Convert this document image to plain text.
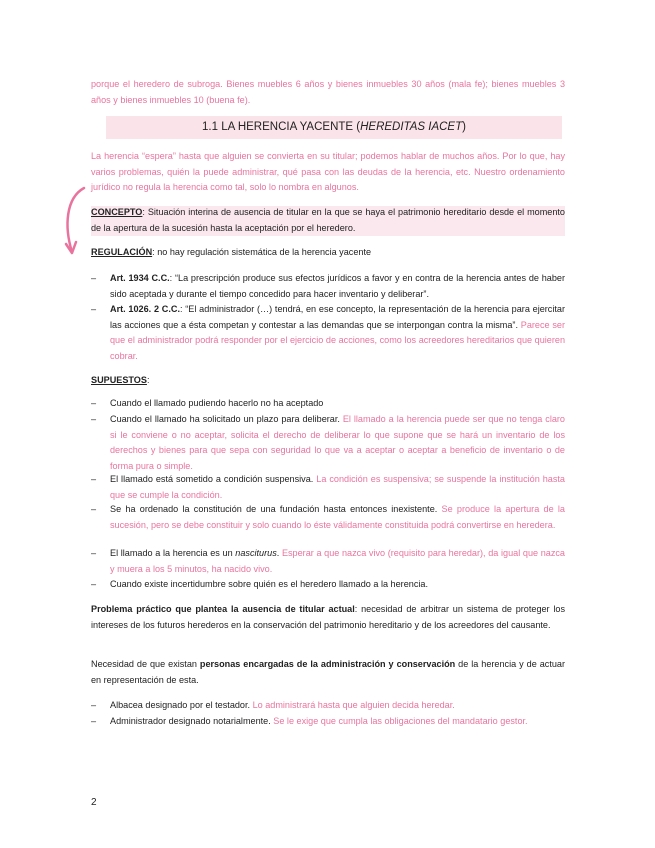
porque el heredero de subroga. Bienes muebles 6 años y bienes inmuebles 30 años (mala fe); bienes muebles 3 años y bienes inmuebles 10 (buena fe).
1.1 LA HERENCIA YACENTE (HEREDITAS IACET)
La herencia “espera” hasta que alguien se convierta en su titular; podemos hablar de muchos años. Por lo que, hay varios problemas, quién la puede administrar, qué pasa con las deudas de la herencia, etc. Nuestro ordenamiento jurídico no regula la herencia como tal, solo lo nombra en algunos.
CONCEPTO: Situación interina de ausencia de titular en la que se haya el patrimonio hereditario desde el momento de la apertura de la sucesión hasta la aceptación por el heredero.
REGULACIÓN: no hay regulación sistemática de la herencia yacente
– Art. 1934 C.C.: “La prescripción produce sus efectos jurídicos a favor y en contra de la herencia antes de haber sido aceptada y durante el tiempo concedido para hacer inventario y deliberar”.
– Art. 1026. 2 C.C.: “El administrador (…) tendrá, en ese concepto, la representación de la herencia para ejercitar las acciones que a ésta competan y contestar a las demandas que se interpongan contra la misma”. Parece ser que el administrador podrá responder por el ejercicio de acciones, como los acreedores hereditarios que quieren cobrar.
SUPUESTOS:
– Cuando el llamado pudiendo hacerlo no ha aceptado
– Cuando el llamado ha solicitado un plazo para deliberar. El llamado a la herencia puede ser que no tenga claro si le conviene o no aceptar, solicita el derecho de deliberar lo que supone que se hará un inventario de los derechos y bienes para que sepa con seguridad lo que va a aceptar o aceptar a beneficio de inventario o de forma pura o simple.
– El llamado está sometido a condición suspensiva. La condición es suspensiva; se suspende la institución hasta que se cumple la condición.
– Se ha ordenado la constitución de una fundación hasta entonces inexistente. Se produce la apertura de la sucesión, pero se debe constituir y solo cuando lo éste válidamente constituida podrá convertirse en heredera.
– El llamado a la herencia es un nasciturus. Esperar a que nazca vivo (requisito para heredar), da igual que nazca y muera a los 5 minutos, ha nacido vivo.
– Cuando existe incertidumbre sobre quién es el heredero llamado a la herencia.
Problema práctico que plantea la ausencia de titular actual: necesidad de arbitrar un sistema de proteger los intereses de los futuros herederos en la conservación del patrimonio hereditario y de los acreedores del causante.
Necesidad de que existan personas encargadas de la administración y conservación de la herencia y de actuar en representación de esta.
– Albacea designado por el testador. Lo administrará hasta que alguien decida heredar.
– Administrador designado notarialmente. Se le exige que cumpla las obligaciones del mandatario gestor.
2
